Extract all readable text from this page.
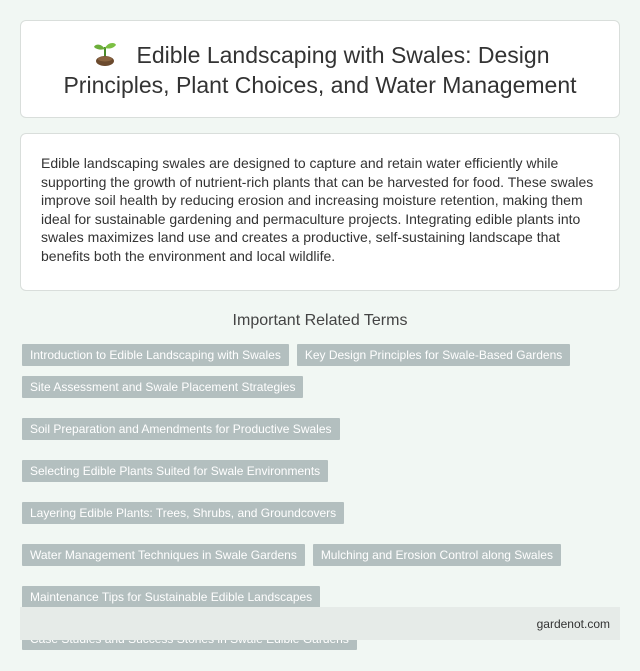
Edible Landscaping with Swales: Design Principles, Plant Choices, and Water Management

Edible landscaping swales are designed to capture and retain water efficiently while supporting the growth of nutrient-rich plants that can be harvested for food. These swales improve soil health by reducing erosion and increasing moisture retention, making them ideal for sustainable gardening and permaculture projects. Integrating edible plants into swales maximizes land use and creates a productive, self-sustaining landscape that benefits both the environment and local wildlife.

Important Related Terms
Introduction to Edible Landscaping with Swales	Key Design Principles for Swale-Based Gardens
Site Assessment and Swale Placement Strategies
Soil Preparation and Amendments for Productive Swales
Selecting Edible Plants Suited for Swale Environments
Layering Edible Plants: Trees, Shrubs, and Groundcovers
Water Management Techniques in Swale Gardens	Mulching and Erosion Control along Swales
Maintenance Tips for Sustainable Edible Landscapes
gardenot.com
